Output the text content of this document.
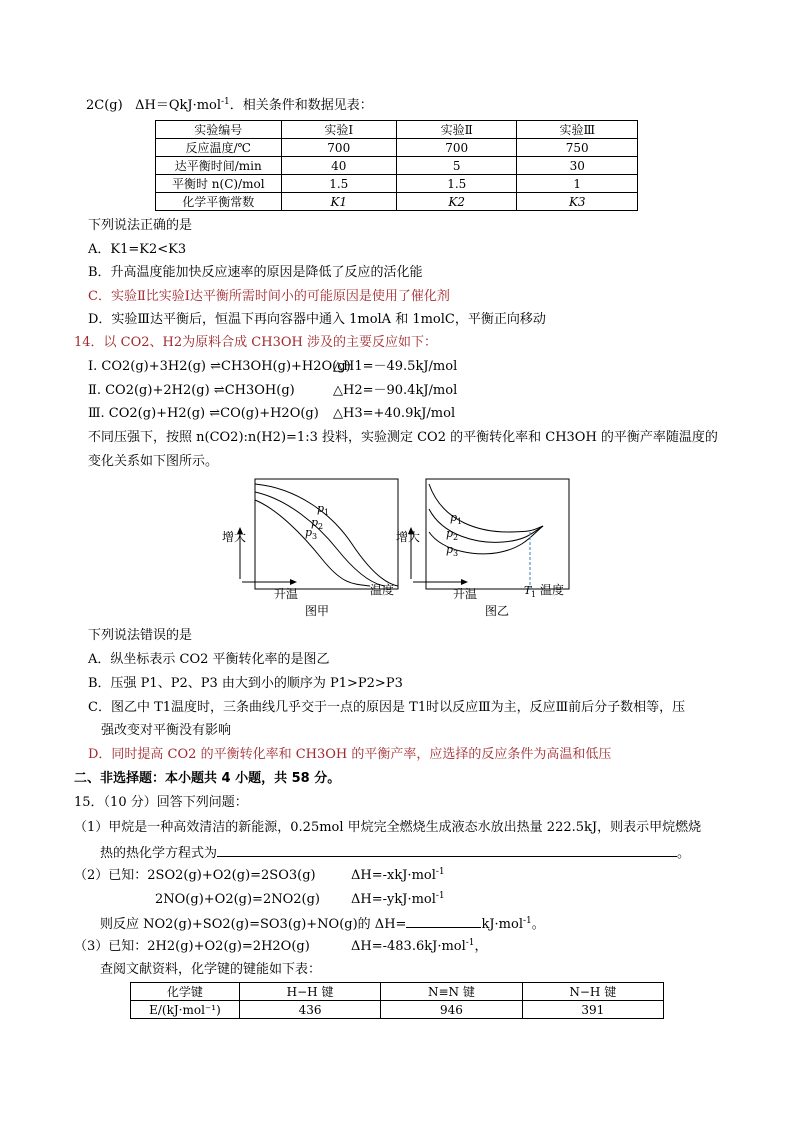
2C(g) ΔH＝QkJ·mol$^{-1}$．相关条件和数据见表：
实验编号	实验Ⅰ	实验Ⅱ	实验Ⅲ
反应温度/℃	700	700	750
达平衡时间/min	40	5	30
平衡时 n(C)/mol	1.5	1.5	1
化学平衡常数	K1	K2	K3
下列说法正确的是
A．K1=K2<K3
B．升高温度能加快反应速率的原因是降低了反应的活化能
C．实验Ⅱ比实验Ⅰ达平衡所需时间小的可能原因是使用了催化剂
D．实验Ⅲ达平衡后，恒温下再向容器中通入 1molA 和 1molC，平衡正向移动
14．以 CO2、H2为原料合成 CH3OH 涉及的主要反应如下：
Ⅰ. CO2(g)+3H2(g) ⇌CH3OH(g)+H2O(g)
△H1=－49.5kJ/mol
Ⅱ. CO2(g)+2H2(g) ⇌CH3OH(g)	△H2=－90.4kJ/mol
Ⅲ. CO2(g)+H2(g) ⇌CO(g)+H2O(g) △H3=+40.9kJ/mol
不同压强下，按照 n(CO2):n(H2)=1:3 投料，实验测定 CO2 的平衡转化率和 CH3OH 的平衡产率随温度的
变化关系如下图所示。
增大
升温	温度
图甲
p 1
p 2
p 3	增大
升温	T 1 温度
图乙
p 1
p 2
p 3
下列说法错误的是
A．纵坐标表示 CO2 平衡转化率的是图乙
B．压强 P1、P2、P3 由大到小的顺序为 P1>P2>P3
C．图乙中 T1温度时，三条曲线几乎交于一点的原因是 T1时以反应Ⅲ为主，反应Ⅲ前后分子数相等，压
强改变对平衡没有影响
D．同时提高 CO2 的平衡转化率和 CH3OH 的平衡产率，应选择的反应条件为高温和低压
二、非选择题：本小题共 4 小题，共 58 分。
15．（10 分）回答下列问题：
（1）甲烷是一种高效清洁的新能源，0.25mol 甲烷完全燃烧生成液态水放出热量 222.5kJ，则表示甲烷燃烧
热的热化学方程式为	。
（2）已知：2SO2(g)+O2(g)=2SO3(g)	ΔH=-xkJ·mol$^{-1}$
2NO(g)+O2(g)=2NO2(g) ΔH=-ykJ·mol$^{-1}$
则反应 NO2(g)+SO2(g)=SO3(g)+NO(g)的 ΔH=	kJ·mol$^{-1}$。
（3）已知：2H2(g)+O2(g)=2H2O(g)	ΔH=-483.6kJ·mol$^{-1}$，
查阅文献资料，化学键的键能如下表：
化学键	H−H 键	N≡N 键	N−H 键
E/(kJ·mol⁻¹)	436	946	391
